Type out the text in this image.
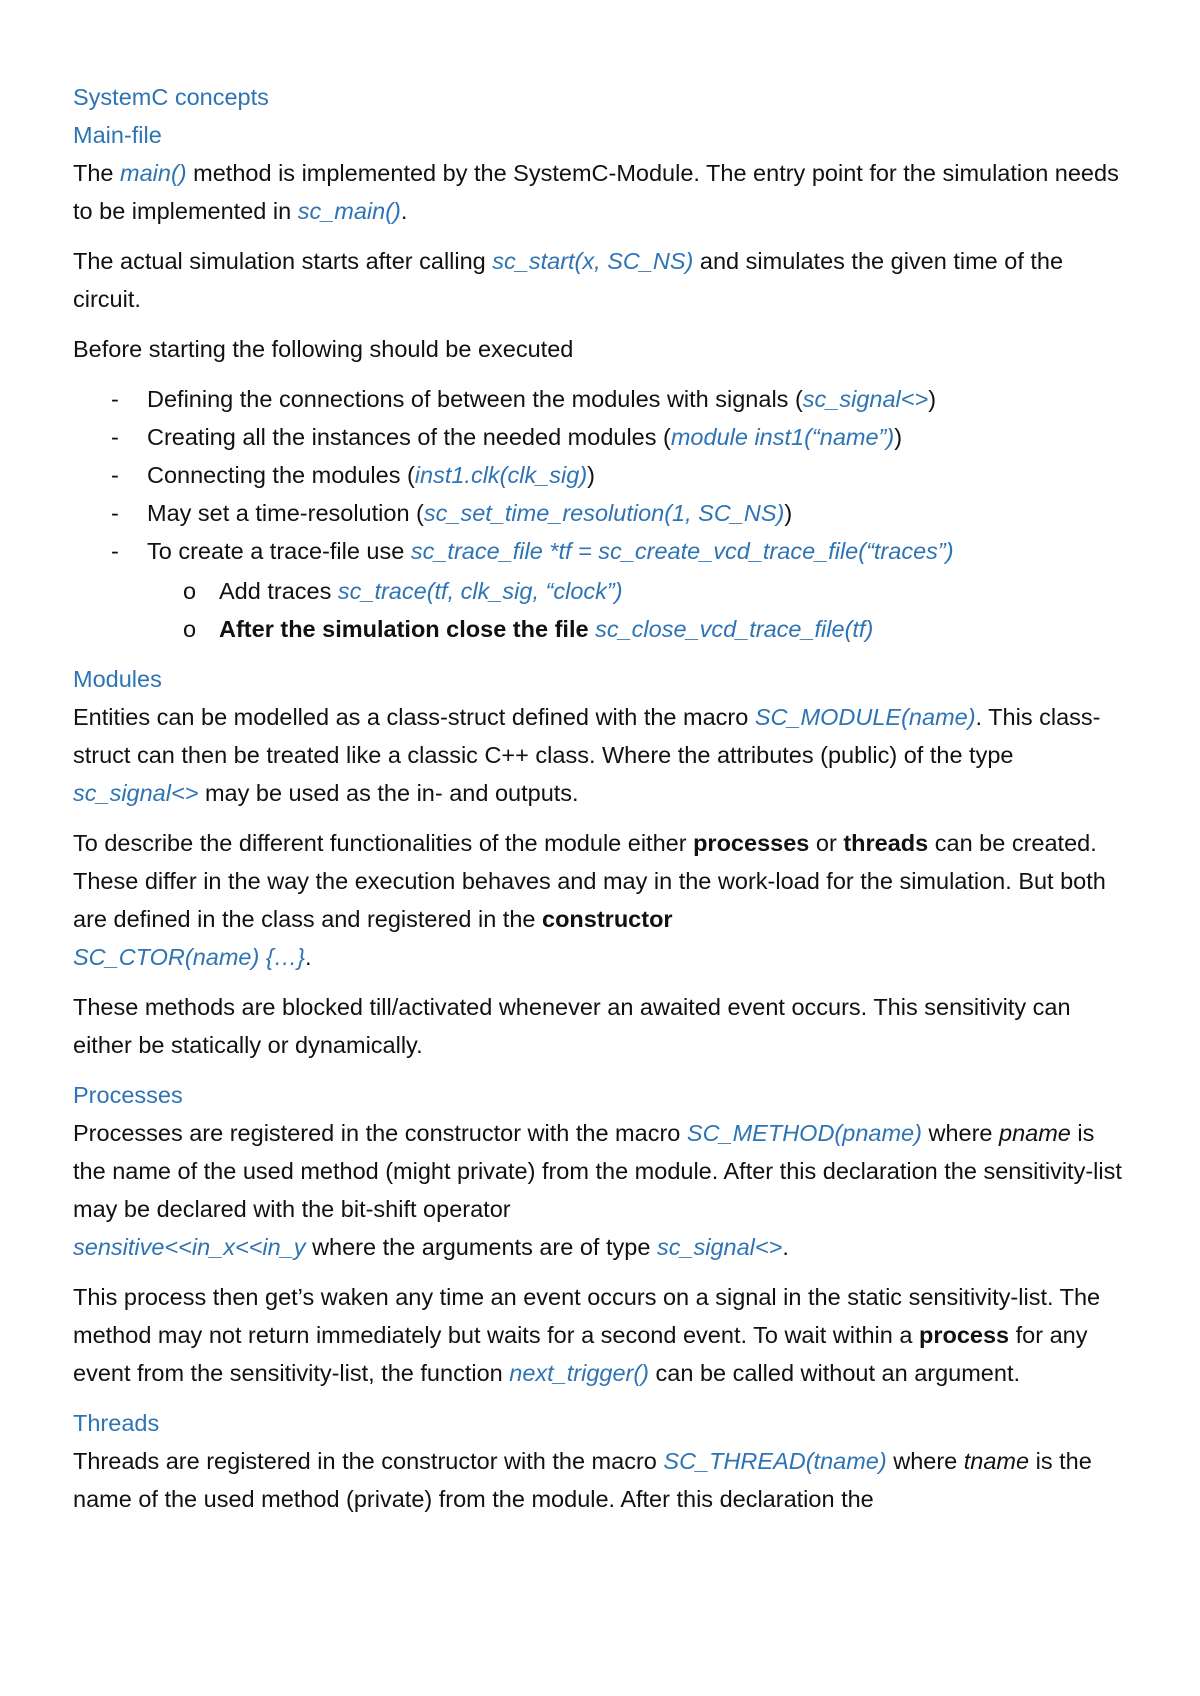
SystemC concepts
Main-file

The main() method is implemented by the SystemC-Module. The entry point for the simulation needs to be implemented in sc_main().

The actual simulation starts after calling sc_start(x, SC_NS) and simulates the given time of the circuit.

Before starting the following should be executed

- Defining the connections of between the modules with signals (sc_signal<>)
- Creating all the instances of the needed modules (module inst1(“name”))
- Connecting the modules (inst1.clk(clk_sig))
- May set a time-resolution (sc_set_time_resolution(1, SC_NS))
- To create a trace-file use sc_trace_file *tf = sc_create_vcd_trace_file(“traces”)
o Add traces sc_trace(tf, clk_sig, “clock”)
o After the simulation close the file sc_close_vcd_trace_file(tf)
Modules

Entities can be modelled as a class-struct defined with the macro SC_MODULE(name). This class-struct can then be treated like a classic C++ class. Where the attributes (public) of the type sc_signal<> may be used as the in- and outputs.

To describe the different functionalities of the module either processes or threads can be created. These differ in the way the execution behaves and may in the work-load for the simulation. But both are defined in the class and registered in the constructor
SC_CTOR(name) {…}.

These methods are blocked till/activated whenever an awaited event occurs. This sensitivity can either be statically or dynamically.

Processes

Processes are registered in the constructor with the macro SC_METHOD(pname) where pname is the name of the used method (might private) from the module. After this declaration the sensitivity-list may be declared with the bit-shift operator
sensitive<<in_x<<in_y where the arguments are of type sc_signal<>.

This process then get’s waken any time an event occurs on a signal in the static sensitivity-list. The method may not return immediately but waits for a second event. To wait within a process for any event from the sensitivity-list, the function next_trigger() can be called without an argument.

Threads

Threads are registered in the constructor with the macro SC_THREAD(tname) where tname is the name of the used method (private) from the module. After this declaration the
